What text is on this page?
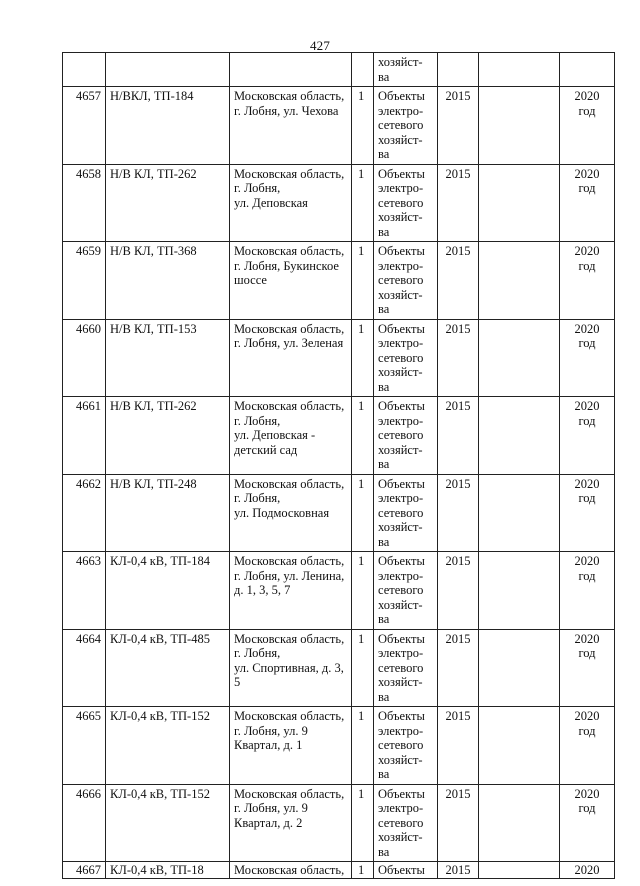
427
				хозяйст-
ва			
4657	Н/ВКЛ, ТП-184	Московская область,
г. Лобня, ул. Чехова	1	Объекты
электро-
сетевого
хозяйст-
ва	2015		2020
год
4658	Н/В КЛ, ТП-262	Московская область,
г. Лобня,
ул. Деповская	1	Объекты
электро-
сетевого
хозяйст-
ва	2015		2020
год
4659	Н/В КЛ, ТП-368	Московская область,
г. Лобня, Букинское
шоссе	1	Объекты
электро-
сетевого
хозяйст-
ва	2015		2020
год
4660	Н/В КЛ, ТП-153	Московская область,
г. Лобня, ул. Зеленая	1	Объекты
электро-
сетевого
хозяйст-
ва	2015		2020
год
4661	Н/В КЛ, ТП-262	Московская область,
г. Лобня,
ул. Деповская -
детский сад	1	Объекты
электро-
сетевого
хозяйст-
ва	2015		2020
год
4662	Н/В КЛ, ТП-248	Московская область,
г. Лобня,
ул. Подмосковная	1	Объекты
электро-
сетевого
хозяйст-
ва	2015		2020
год
4663	КЛ-0,4 кВ, ТП-184	Московская область,
г. Лобня, ул. Ленина,
д. 1, 3, 5, 7	1	Объекты
электро-
сетевого
хозяйст-
ва	2015		2020
год
4664	КЛ-0,4 кВ, ТП-485	Московская область,
г. Лобня,
ул. Спортивная, д. 3,
5	1	Объекты
электро-
сетевого
хозяйст-
ва	2015		2020
год
4665	КЛ-0,4 кВ, ТП-152	Московская область,
г. Лобня, ул. 9
Квартал, д. 1	1	Объекты
электро-
сетевого
хозяйст-
ва	2015		2020
год
4666	КЛ-0,4 кВ, ТП-152	Московская область,
г. Лобня, ул. 9
Квартал, д. 2	1	Объекты
электро-
сетевого
хозяйст-
ва	2015		2020
год
4667	КЛ-0,4 кВ, ТП-18	Московская область,	1	Объекты	2015		2020
